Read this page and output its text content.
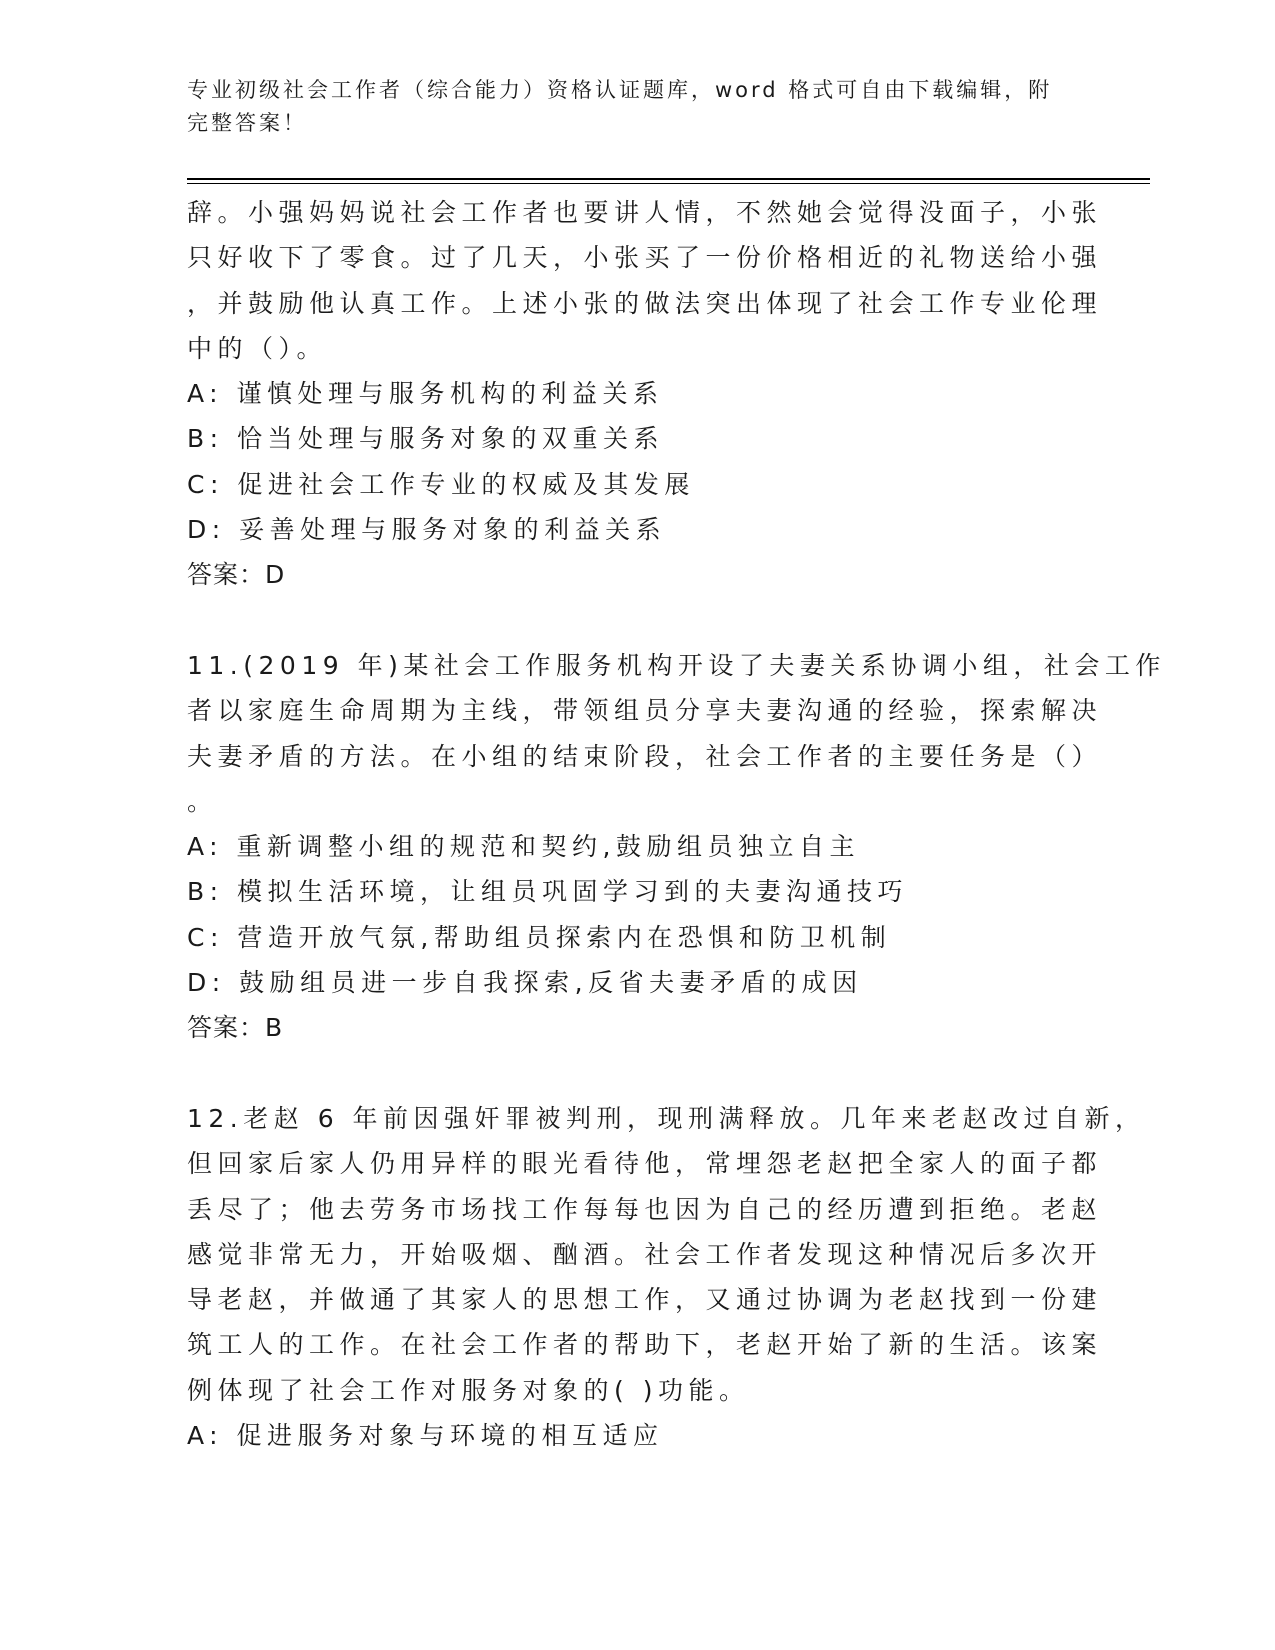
专业初级社会工作者（综合能力）资格认证题库，word 格式可自由下载编辑，附完整答案！
辞。小强妈妈说社会工作者也要讲人情，不然她会觉得没面子，小张
只好收下了零食。过了几天，小张买了一份价格相近的礼物送给小强
，并鼓励他认真工作。上述小张的做法突出体现了社会工作专业伦理
中的（）。
A: 谨慎处理与服务机构的利益关系
B: 恰当处理与服务对象的双重关系
C: 促进社会工作专业的权威及其发展
D: 妥善处理与服务对象的利益关系
答案：D
11.(2019 年)某社会工作服务机构开设了夫妻关系协调小组，社会工作
者以家庭生命周期为主线，带领组员分享夫妻沟通的经验，探索解决
夫妻矛盾的方法。在小组的结束阶段，社会工作者的主要任务是（）
。
A: 重新调整小组的规范和契约,鼓励组员独立自主
B: 模拟生活环境，让组员巩固学习到的夫妻沟通技巧
C: 营造开放气氛,帮助组员探索内在恐惧和防卫机制
D: 鼓励组员进一步自我探索,反省夫妻矛盾的成因
答案：B
12.老赵 6 年前因强奸罪被判刑，现刑满释放。几年来老赵改过自新，
但回家后家人仍用异样的眼光看待他，常埋怨老赵把全家人的面子都
丢尽了；他去劳务市场找工作每每也因为自己的经历遭到拒绝。老赵
感觉非常无力，开始吸烟、酗酒。社会工作者发现这种情况后多次开
导老赵，并做通了其家人的思想工作，又通过协调为老赵找到一份建
筑工人的工作。在社会工作者的帮助下，老赵开始了新的生活。该案
例体现了社会工作对服务对象的( )功能。
A: 促进服务对象与环境的相互适应
